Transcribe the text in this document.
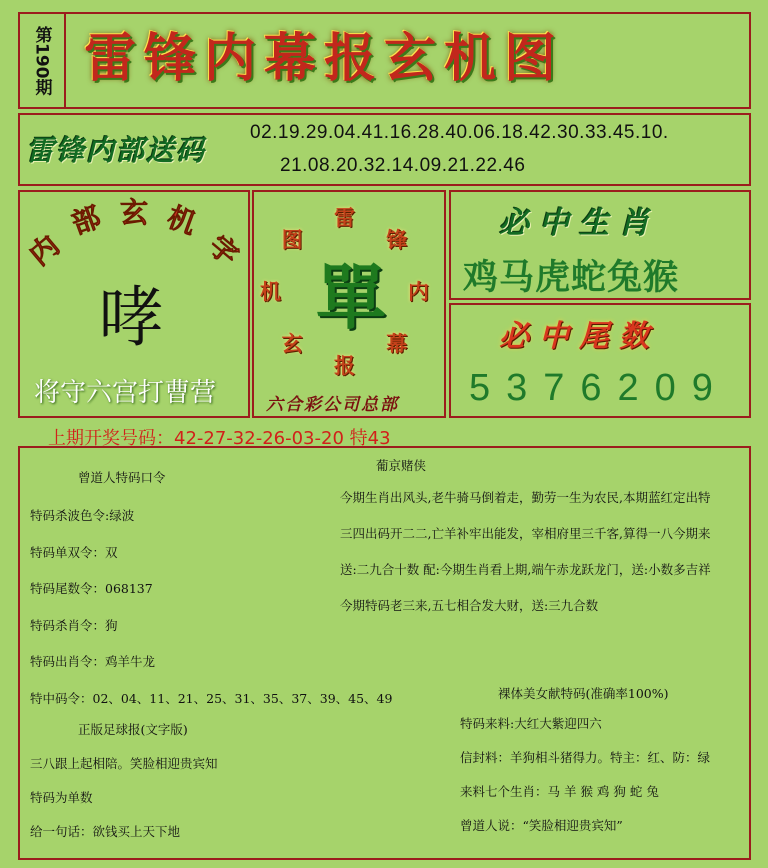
第190期 雷锋内幕报玄机图
雷锋内部送码
02.19.29.04.41.16.28.40.06.18.42.30.33.45.10.
21.08.20.32.14.09.21.22.46
内
部 玄 机
字
哮
将守六宫打曹营
雷
锋
内
幕
报
玄
机
图
單
六合彩公司总部
必中生肖
鸡马虎蛇兔猴
必中尾数
5376209
上期开奖号码：42-27-32-26-03-20 特43
曾道人特码口令
特码杀波色令:绿波
特码单双令：双
特码尾数令：068137
特码杀肖令：狗
特码出肖令：鸡羊牛龙
特中码令：02、04、11、21、25、31、35、37、39、45、49
正版足球报(文字版)
三八跟上起相陪。笑脸相迎贵宾知
特码为单数
给一句话：欲钱买上天下地
葡京赌侠
今期生肖出风头,老牛骑马倒着走，勤劳一生为农民,本期蓝红定出特
三四出码开二二,亡羊补牢出能发，宰相府里三千客,算得一八今期来
送:二九合十数 配:今期生肖看上期,端午赤龙跃龙门，送:小数多吉祥
今期特码老三来,五七相合发大财，送:三九合数
裸体美女献特码(准确率100%)
特码来料:大红大紫迎四六
信封料：羊狗相斗猪得力。特主：红、防：绿
来料七个生肖：马 羊 猴 鸡 狗 蛇 兔
曾道人说：“笑脸相迎贵宾知”
